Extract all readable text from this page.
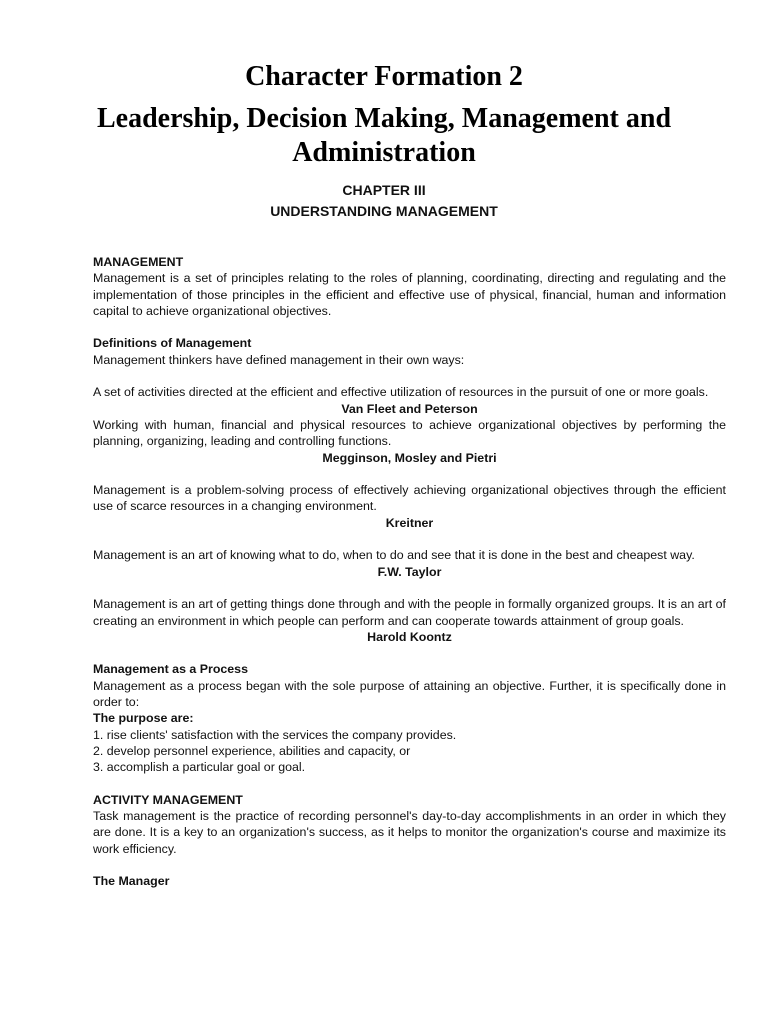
Character Formation 2
Leadership, Decision Making, Management and Administration
CHAPTER III
UNDERSTANDING MANAGEMENT
MANAGEMENT
Management is a set of principles relating to the roles of planning, coordinating, directing and regulating and the implementation of those principles in the efficient and effective use of physical, financial, human and information capital to achieve organizational objectives.
Definitions of Management
Management thinkers have defined management in their own ways:
A set of activities directed at the efficient and effective utilization of resources in the pursuit of one or more goals.
Van Fleet and Peterson
Working with human, financial and physical resources to achieve organizational objectives by performing the planning, organizing, leading and controlling functions.
Megginson, Mosley and Pietri
Management is a problem-solving process of effectively achieving organizational objectives through the efficient use of scarce resources in a changing environment.
Kreitner
Management is an art of knowing what to do, when to do and see that it is done in the best and cheapest way.
F.W. Taylor
Management is an art of getting things done through and with the people in formally organized groups. It is an art of creating an environment in which people can perform and can cooperate towards attainment of group goals.
Harold Koontz
Management as a Process
Management as a process began with the sole purpose of attaining an objective. Further, it is specifically done in order to:
The purpose are:
1. rise clients' satisfaction with the services the company provides.
2. develop personnel experience, abilities and capacity, or
3. accomplish a particular goal or goal.
ACTIVITY MANAGEMENT
Task management is the practice of recording personnel's day-to-day accomplishments in an order in which they are done. It is a key to an organization's success, as it helps to monitor the organization's course and maximize its work efficiency.
The Manager
